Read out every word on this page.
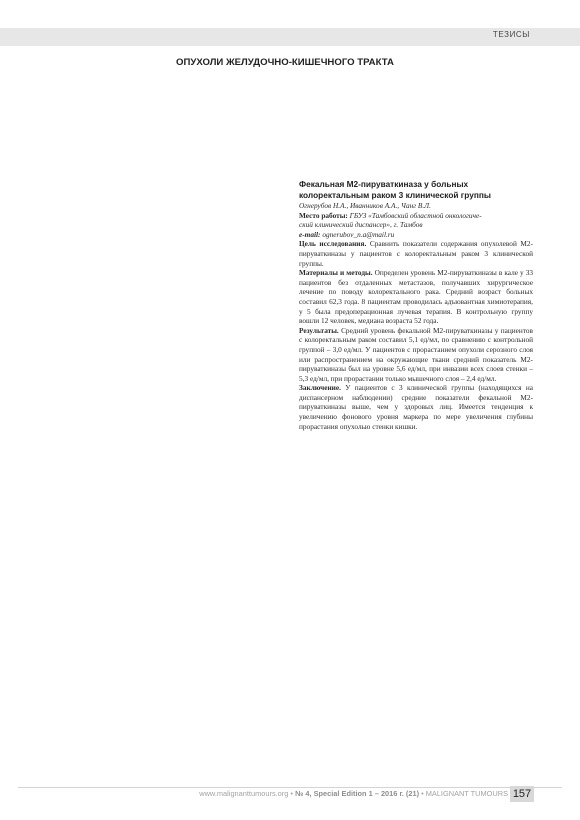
ТЕЗИСЫ
ОПУХОЛИ ЖЕЛУДОЧНО-КИШЕЧНОГО ТРАКТА

Фекальная М2-пируваткиназа у больных

колоректальным раком 3 клинической группы

Огнерубов Н.А., Иванников А.А., Чанг В.Л.

Место работы: ГБУЗ «Тамбовский областной онкологиче-

ский клинический диспансер», г. Тамбов

e-mail: ognerubov_n.a@mail.ru

Цель исследования. Сравнить показатели содержания опухолевой М2-пируваткиназы у пациентов с колоректальным раком 3 клинической группы.

Материалы и методы. Определен уровень М2-пируваткиназы в кале у 33 пациентов без отдаленных метастазов, получавших хирургическое лечение по поводу колоректального рака. Средний возраст больных составил 62,3 года. 8 пациентам проводилась адъювантная химиотерапия, у 5 была предоперационная лучевая терапия. В контрольную группу вошли 12 человек, медиана возраста 52 года.

Результаты. Средний уровень фекальной М2-пируваткиназы у пациентов с колоректальным раком составил 5,1 ед/мл, по сравнению с контрольной группой – 3,0 ед/мл. У пациентов с прорастанием опухоли серозного слоя или распространением на окружающие ткани средний показатель М2-пируваткиназы был на уровне 5,6 ед/мл, при инвазии всех слоев стенки – 5,3 ед/мл, при прорастании только мышечного слоя – 2,4 ед/мл.

Заключение. У пациентов с 3 клинической группы (находящихся на диспансерном наблюдении) средние показатели фекальной М2-пируваткиназы выше, чем у здоровых лиц. Имеется тенденция к увеличению фонового уровня маркера по мере увеличения глубины прорастания опухолью стенки кишки.

www.malignanttumours.org • № 4, Special Edition 1 – 2016 г. (21) • MALIGNANT TUMOURS 157
